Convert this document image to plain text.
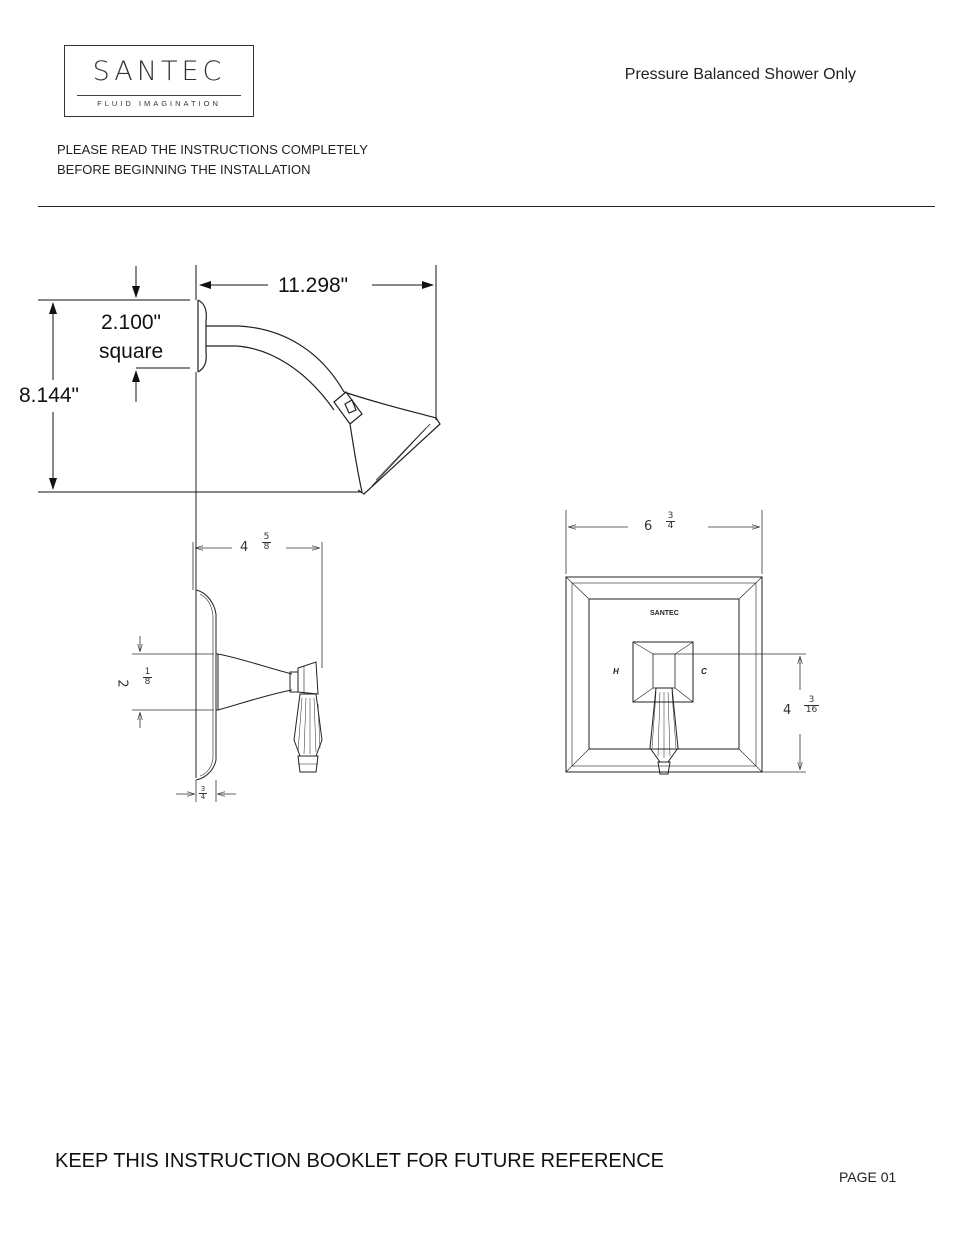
SANTEC
FLUID IMAGINATION
Pressure Balanced Shower Only
PLEASE READ THE INSTRUCTIONS COMPLETELY
BEFORE BEGINNING THE INSTALLATION
11.298"
2.100"
square
8.144"
$4 \frac{5}{8}$
$2 \frac{1}{8}$
$\frac{3}{4}$
$6 \frac{3}{4}$
$4 \frac{3}{16}$
SANTEC
H	C
KEEP THIS INSTRUCTION BOOKLET FOR FUTURE REFERENCE
PAGE 01
